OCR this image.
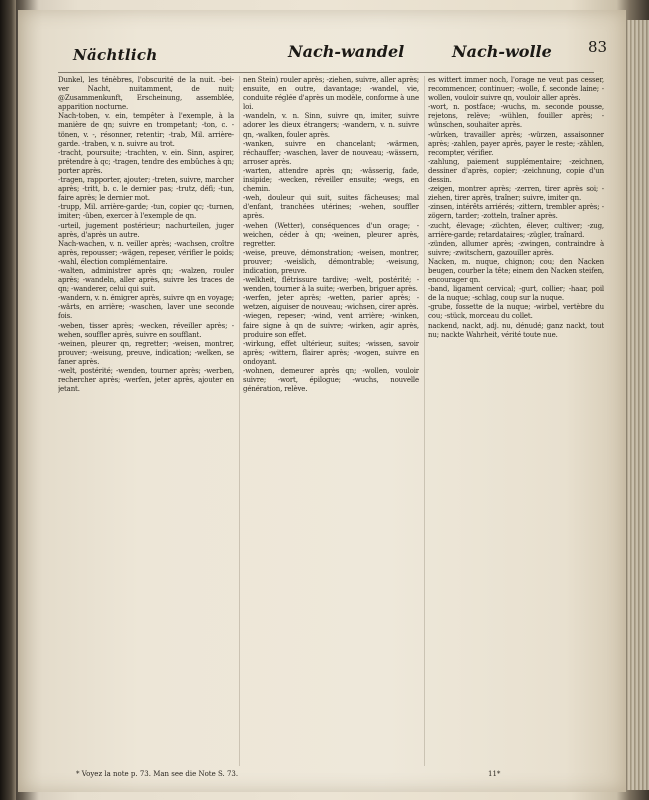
Nächtlich	Nach-wandel	Nach-wolle 83

Dunkel, les ténèbres, l'obscurité de la nuit. -bei- ver Nacht, nuitamment, de nuit; @Zusammenkunft, Erscheinung, assemblée, apparition nocturne.

Nach-toben, v. ein, tempêter à l'exemple, à la manière de qn; suivre en trompetant; -ton, c. -tönen, v. -, résonner, retentir; -trab, Mil. arrière-garde. -traben, v. n. suivre au trot.

-tracht, poursuite; -trachten, v. ein. Sinn, aspirer, prétendre à qc; -tragen, tendre des embûches à qn; porter après.

-tragen, rapporter, ajouter; -treten, suivre, marcher après; -tritt, b. c. le dernier pas; -trutz, défi; -tun, faire après; le dernier mot.

-trupp, Mil. arrière-garde; -tun, copier qc; -turnen, imiter; -üben, exercer à l'exemple de qn.

-urteil, jugement postérieur; nachurteilen, juger après, d'après un autre.

Nach-wachen, v. n. veiller après; -wachsen, croître après, repousser; -wägen, repeser, vérifier le poids; -wahl, élection complémentaire.

-walten, administrer après qn; -walzen, rouler après; -wandeln, aller après, suivre les traces de qn; -wanderer, celui qui suit.

-wandern, v. n. émigrer après, suivre qn en voyage; -wärts, en arrière; -waschen, laver une seconde fois.

-weben, tisser après; -wecken, réveiller après; -wehen, souffler après, suivre en soufflant.

-weinen, pleurer qn, regretter; -weisen, montrer, prouver; -weisung, preuve, indication; -welken, se faner après.

-welt, postérité; -wenden, tourner après; -werben, rechercher après; -werfen, jeter après, ajouter en jetant.

nen Stein) rouler après; -ziehen, suivre, aller après; ensuite, en outre, davantage; -wandel, vie, conduite réglée d'après un modèle, conforme à une loi.

-wandeln, v. n. Sinn, suivre qn, imiter, suivre adorer les dieux étrangers; -wandern, v. n. suivre qn, -walken, fouler après.

-wanken, suivre en chancelant; -wärmen, réchauffer; -waschen, laver de nouveau; -wässern, arroser après.

-warten, attendre après qn; -wässerig, fade, insipide; -wecken, réveiller ensuite; -wegs, en chemin.

-weh, douleur qui suit, suites fâcheuses; mal d'enfant, tranchées utérines; -wehen, souffler après.

-wehen (Wetter), conséquences d'un orage; -weichen, céder à qn; -weinen, pleurer après, regretter.

-weise, preuve, démonstration; -weisen, montrer, prouver; -weislich, démontrable; -weisung, indication, preuve.

-welkheit, flétrissure tardive; -welt, postérité; -wenden, tourner à la suite; -werben, briguer après.

-werfen, jeter après; -wetten, parier après; -wetzen, aiguiser de nouveau; -wichsen, cirer après.

-wiegen, repeser; -wind, vent arrière; -winken, faire signe à qn de suivre; -wirken, agir après, produire son effet.

-wirkung, effet ultérieur, suites; -wissen, savoir après; -wittern, flairer après; -wogen, suivre en ondoyant.

-wohnen, demeurer après qn; -wollen, vouloir suivre; -wort, épilogue; -wuchs, nouvelle génération, relève.

es wittert immer noch, l'orage ne veut pas cesser, recommencer, continuer; -wolle, f. seconde laine; -wollen, vouloir suivre qn, vouloir aller après.

-wort, n. postface; -wuchs, m. seconde pousse, rejetons, relève; -wühlen, fouiller après; -wünschen, souhaiter après.

-würken, travailler après; -würzen, assaisonner après; -zahlen, payer après, payer le reste; -zählen, recompter, vérifier.

-zahlung, paiement supplémentaire; -zeichnen, dessiner d'après, copier; -zeichnung, copie d'un dessin.

-zeigen, montrer après; -zerren, tirer après soi; -ziehen, tirer après, traîner; suivre, imiter qn.

-zinsen, intérêts arriérés; -zittern, trembler après; -zögern, tarder; -zotteln, traîner après.

-zucht, élevage; -züchten, élever, cultiver; -zug, arrière-garde; retardataires; -zügler, traînard.

-zünden, allumer après; -zwingen, contraindre à suivre; -zwitschern, gazouiller après.

Nacken, m. nuque, chignon; cou; den Nacken beugen, courber la tête; einem den Nacken steifen, encourager qn.

-band, ligament cervical; -gurt, collier; -haar, poil de la nuque; -schlag, coup sur la nuque.

-grube, fossette de la nuque; -wirbel, vertèbre du cou; -stück, morceau du collet.

nackend, nackt, adj. nu, dénudé; ganz nackt, tout nu; nackte Wahrheit, vérité toute nue.

* Voyez la note p. 73. Man see die Note S. 73.	11*
